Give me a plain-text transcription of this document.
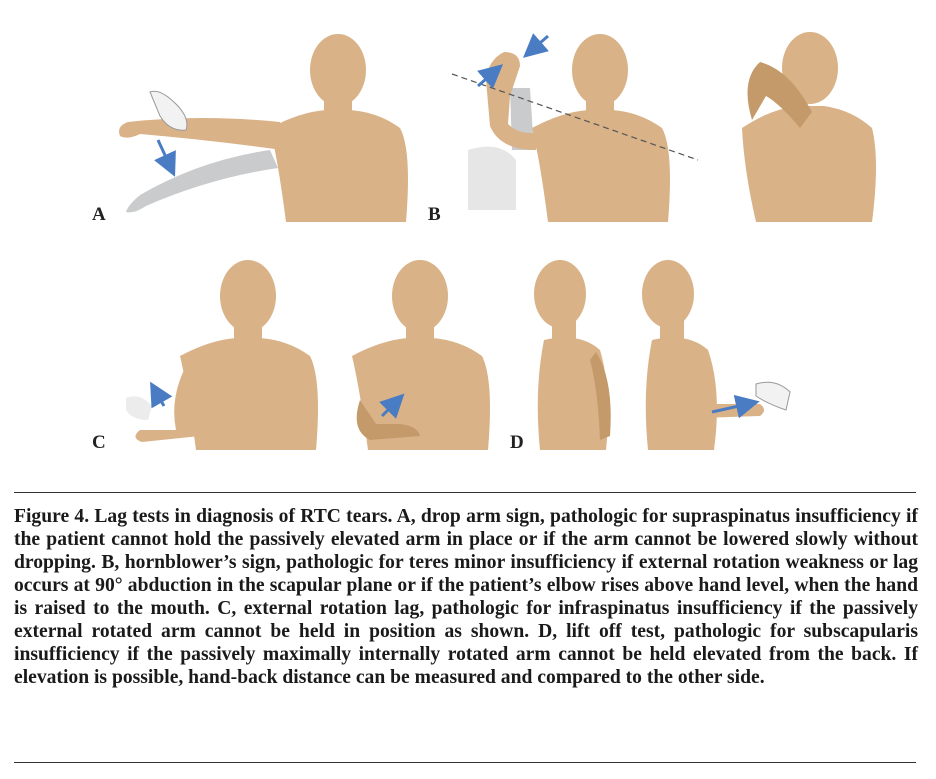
A	B
C	D
Figure 4. Lag tests in diagnosis of RTC tears. A, drop arm sign, pathologic for supraspinatus insufficiency if the patient cannot hold the passively elevated arm in place or if the arm cannot be lowered slowly without dropping. B, hornblower’s sign, pathologic for teres minor insufficiency if external rotation weakness or lag occurs at 90° abduction in the scapular plane or if the patient’s elbow rises above hand level, when the hand is raised to the mouth. C, external rotation lag, pathologic for infraspinatus insufficiency if the passively external rotated arm cannot be held in position as shown. D, lift off test, pathologic for subscapularis insufficiency if the passively maximally internally rotated arm cannot be held elevated from the back. If elevation is possible, hand-back distance can be measured and compared to the other side.
